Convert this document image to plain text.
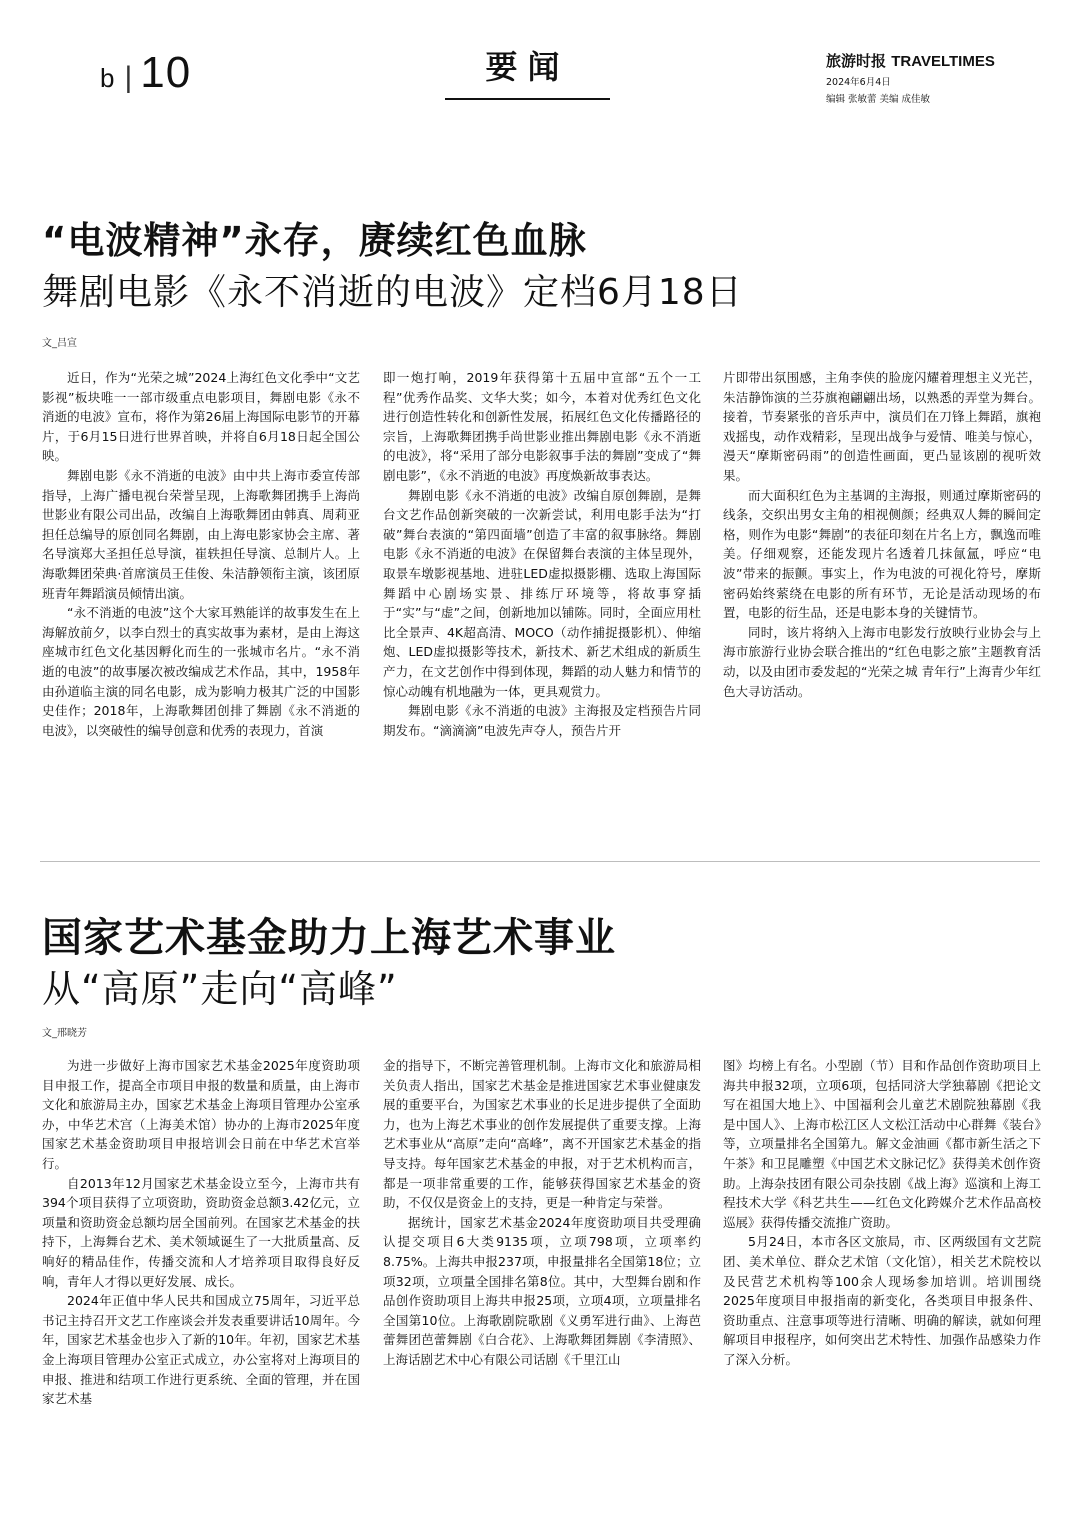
b | 10	要闻	旅游时报 TRAVELTIMES
2024年6月4日
编辑 张敏蕾 美编 成佳敏
“电波精神”永存，赓续红色血脉
舞剧电影《永不消逝的电波》定档6月18日
文_吕宣

近日，作为“光荣之城”2024上海红色文化季中“文艺影视”板块唯一一部市级重点电影项目，舞剧电影《永不消逝的电波》宣布，将作为第26届上海国际电影节的开幕片，于6月15日进行世界首映，并将自6月18日起全国公映。

舞剧电影《永不消逝的电波》由中共上海市委宣传部指导，上海广播电视台荣誉呈现，上海歌舞团携手上海尚世影业有限公司出品，改编自上海歌舞团由韩真、周莉亚担任总编导的原创同名舞剧，由上海电影家协会主席、著名导演郑大圣担任总导演，崔轶担任导演、总制片人。上海歌舞团荣典·首席演员王佳俊、朱洁静领衔主演，该团原班青年舞蹈演员倾情出演。

“永不消逝的电波”这个大家耳熟能详的故事发生在上海解放前夕，以李白烈士的真实故事为素材，是由上海这座城市红色文化基因孵化而生的一张城市名片。“永不消逝的电波”的故事屡次被改编成艺术作品，其中，1958年由孙道临主演的同名电影，成为影响力极其广泛的中国影史佳作；2018年，上海歌舞团创排了舞剧《永不消逝的电波》，以突破性的编导创意和优秀的表现力，首演

即一炮打响，2019年获得第十五届中宣部“五个一工程”优秀作品奖、文华大奖；如今，本着对优秀红色文化进行创造性转化和创新性发展，拓展红色文化传播路径的宗旨，上海歌舞团携手尚世影业推出舞剧电影《永不消逝的电波》，将“采用了部分电影叙事手法的舞剧”变成了“舞剧电影”，《永不消逝的电波》再度焕新故事表达。

舞剧电影《永不消逝的电波》改编自原创舞剧，是舞台文艺作品创新突破的一次新尝试，利用电影手法为“打破”舞台表演的“第四面墙”创造了丰富的叙事脉络。舞剧电影《永不消逝的电波》在保留舞台表演的主体呈现外，取景车墩影视基地、进驻LED虚拟摄影棚、选取上海国际舞蹈中心剧场实景、排练厅环境等，将故事穿插于“实”与“虚”之间，创新地加以铺陈。同时，全面应用杜比全景声、4K超高清、MOCO（动作捕捉摄影机）、伸缩炮、LED虚拟摄影等技术，新技术、新艺术组成的新质生产力，在文艺创作中得到体现，舞蹈的动人魅力和情节的惊心动魄有机地融为一体，更具观赏力。

舞剧电影《永不消逝的电波》主海报及定档预告片同期发布。“滴滴滴”电波先声夺人，预告片开

片即带出氛围感，主角李侠的脸庞闪耀着理想主义光芒，朱洁静饰演的兰芬旗袍翩翩出场，以熟悉的弄堂为舞台。接着，节奏紧张的音乐声中，演员们在刀锋上舞蹈，旗袍戏摇曳，动作戏精彩，呈现出战争与爱情、唯美与惊心，漫天“摩斯密码雨”的创造性画面，更凸显该剧的视听效果。

而大面积红色为主基调的主海报，则通过摩斯密码的线条，交织出男女主角的相视侧颜；经典双人舞的瞬间定格，则作为电影“舞剧”的表征印刻在片名上方，飘逸而唯美。仔细观察，还能发现片名透着几抹氤氲，呼应“电波”带来的振颤。事实上，作为电波的可视化符号，摩斯密码始终萦绕在电影的所有环节，无论是活动现场的布置，电影的衍生品，还是电影本身的关键情节。

同时，该片将纳入上海市电影发行放映行业协会与上海市旅游行业协会联合推出的“红色电影之旅”主题教育活动，以及由团市委发起的“光荣之城 青年行”上海青少年红色大寻访活动。

国家艺术基金助力上海艺术事业
从“高原”走向“高峰”
文_邢晓芳

为进一步做好上海市国家艺术基金2025年度资助项目申报工作，提高全市项目申报的数量和质量，由上海市文化和旅游局主办，国家艺术基金上海项目管理办公室承办，中华艺术宫（上海美术馆）协办的上海市2025年度国家艺术基金资助项目申报培训会日前在中华艺术宫举行。

自2013年12月国家艺术基金设立至今，上海市共有394个项目获得了立项资助，资助资金总额3.42亿元，立项量和资助资金总额均居全国前列。在国家艺术基金的扶持下，上海舞台艺术、美术领域诞生了一大批质量高、反响好的精品佳作，传播交流和人才培养项目取得良好反响，青年人才得以更好发展、成长。

2024年正值中华人民共和国成立75周年，习近平总书记主持召开文艺工作座谈会并发表重要讲话10周年。今年，国家艺术基金也步入了新的10年。年初，国家艺术基金上海项目管理办公室正式成立，办公室将对上海项目的申报、推进和结项工作进行更系统、全面的管理，并在国家艺术基

金的指导下，不断完善管理机制。上海市文化和旅游局相关负责人指出，国家艺术基金是推进国家艺术事业健康发展的重要平台，为国家艺术事业的长足进步提供了全面助力，也为上海艺术事业的创作发展提供了重要支撑。上海艺术事业从“高原”走向“高峰”，离不开国家艺术基金的指导支持。每年国家艺术基金的申报，对于艺术机构而言，都是一项非常重要的工作，能够获得国家艺术基金的资助，不仅仅是资金上的支持，更是一种肯定与荣誉。

据统计，国家艺术基金2024年度资助项目共受理确认提交项目6大类9135项，立项798项，立项率约8.75%。上海共申报237项，申报量排名全国第18位；立项32项，立项量全国排名第8位。其中，大型舞台剧和作品创作资助项目上海共申报25项，立项4项，立项量排名全国第10位。上海歌剧院歌剧《义勇军进行曲》、上海芭蕾舞团芭蕾舞剧《白合花》、上海歌舞团舞剧《李清照》、上海话剧艺术中心有限公司话剧《千里江山

图》均榜上有名。小型剧（节）目和作品创作资助项目上海共申报32项，立项6项，包括同济大学独幕剧《把论文写在祖国大地上》、中国福利会儿童艺术剧院独幕剧《我是中国人》、上海市松江区人文松江活动中心群舞《装台》等，立项量排名全国第九。解文金油画《都市新生活之下午茶》和卫昆雕塑《中国艺术文脉记忆》获得美术创作资助。上海杂技团有限公司杂技剧《战上海》巡演和上海工程技术大学《科艺共生——红色文化跨媒介艺术作品高校巡展》获得传播交流推广资助。

5月24日，本市各区文旅局，市、区两级国有文艺院团、美术单位、群众艺术馆（文化馆），相关艺术院校以及民营艺术机构等100余人现场参加培训。培训围绕2025年度项目申报指南的新变化，各类项目申报条件、资助重点、注意事项等进行清晰、明确的解读，就如何理解项目申报程序，如何突出艺术特性、加强作品感染力作了深入分析。
